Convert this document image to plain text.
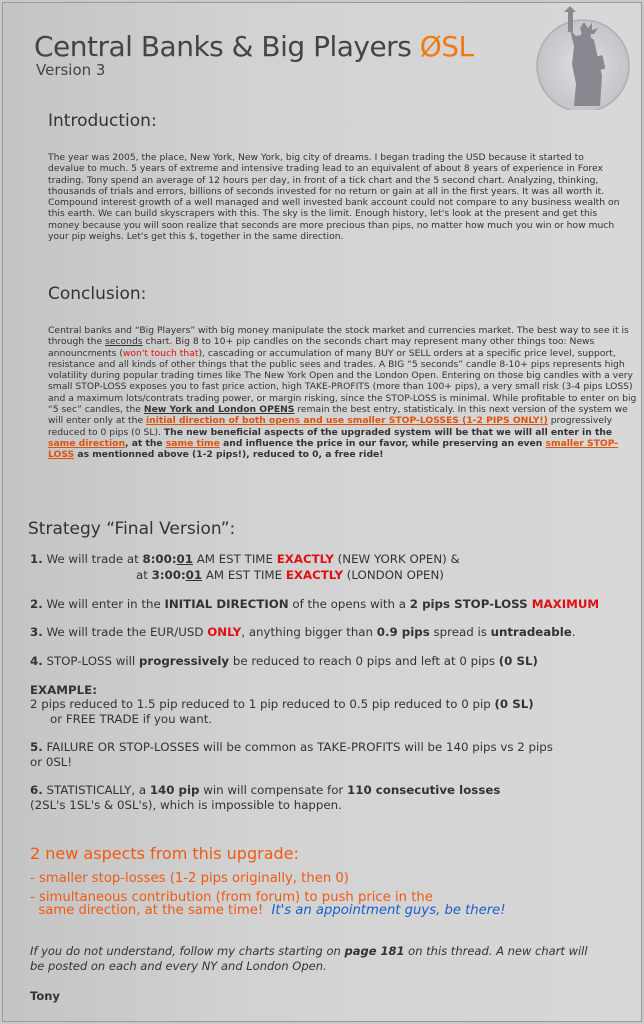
Central Banks & Big Players ØSL
Version 3
Introduction:
The year was 2005, the place, New York, New York, big city of dreams. I began trading the USD because it started to devalue to much. 5 years of extreme and intensive trading lead to an equivalent of about 8 years of experience in Forex trading. Tony spend an average of 12 hours per day, in front of a tick chart and the 5 second chart. Analyzing, thinking, thousands of trials and errors, billions of seconds invested for no return or gain at all in the first years. It was all worth it. Compound interest growth of a well managed and well invested bank account could not compare to any business wealth on this earth. We can build skyscrapers with this. The sky is the limit. Enough history, let's look at the present and get this money because you will soon realize that seconds are more precious than pips, no matter how much you win or how much your pip weighs. Let's get this $, together in the same direction.
Conclusion:
Central banks and “Big Players” with big money manipulate the stock market and currencies market. The best way to see it is through the seconds chart. Big 8 to 10+ pip candles on the seconds chart may represent many other things too: News announcments (won't touch that), cascading or accumulation of many BUY or SELL orders at a specific price level, support, resistance and all kinds of other things that the public sees and trades. A BIG “5 seconds” candle 8-10+ pips represents high volatility during popular trading times like The New York Open and the London Open. Entering on those big candles with a very small STOP-LOSS exposes you to fast price action, high TAKE-PROFITS (more than 100+ pips), a very small risk (3-4 pips LOSS) and a maximum lots/contrats trading power, or margin risking, since the STOP-LOSS is minimal. While profitable to enter on big “5 sec” candles, the New York and London OPENS remain the best entry, statisticaly. In this next version of the system we will enter only at the initial direction of both opens and use smaller STOP-LOSSES (1-2 PIPS ONLY!) progressively reduced to 0 pips (0 SL). The new beneficial aspects of the upgraded system will be that we will all enter in the same direction, at the same time and influence the price in our favor, while preserving an even smaller STOP-LOSS as mentionned above (1-2 pips!), reduced to 0, a free ride!
Strategy “Final Version”:
1. We will trade at 8:00:01 AM EST TIME EXACTLY (NEW YORK OPEN) &
at 3:00:01 AM EST TIME EXACTLY (LONDON OPEN)
2. We will enter in the INITIAL DIRECTION of the opens with a 2 pips STOP-LOSS MAXIMUM
3. We will trade the EUR/USD ONLY, anything bigger than 0.9 pips spread is untradeable.
4. STOP-LOSS will progressively be reduced to reach 0 pips and left at 0 pips (0 SL)
EXAMPLE:
2 pips reduced to 1.5 pip reduced to 1 pip reduced to 0.5 pip reduced to 0 pip (0 SL)
or FREE TRADE if you want.
5. FAILURE OR STOP-LOSSES will be common as TAKE-PROFITS will be 140 pips vs 2 pips
or 0SL!
6. STATISTICALLY, a 140 pip win will compensate for 110 consecutive losses
(2SL's 1SL's & 0SL's), which is impossible to happen.
2 new aspects from this upgrade:
- smaller stop-losses (1-2 pips originally, then 0)
- simultaneous contribution (from forum) to push price in the
same direction, at the same time! It's an appointment guys, be there!
If you do not understand, follow my charts starting on page 181 on this thread. A new chart will be posted on each and every NY and London Open.
Tony
